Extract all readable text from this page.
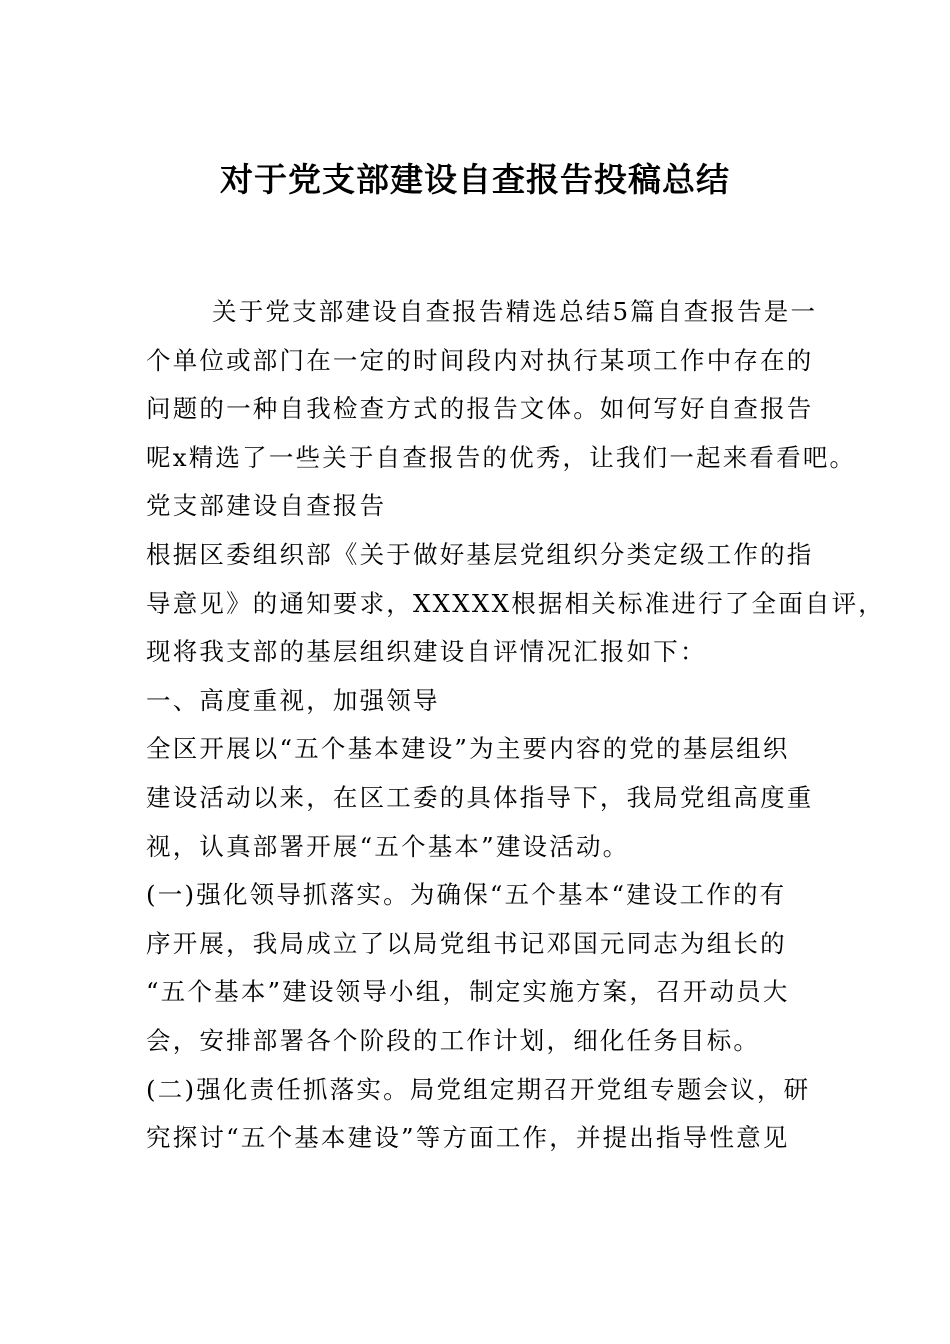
对于党支部建设自查报告投稿总结
关于党支部建设自查报告精选总结5篇自查报告是一
个单位或部门在一定的时间段内对执行某项工作中存在的
问题的一种自我检查方式的报告文体。如何写好自查报告
呢x精选了一些关于自查报告的优秀，让我们一起来看看吧。
党支部建设自查报告
根据区委组织部《关于做好基层党组织分类定级工作的指
导意见》的通知要求，XXXXX根据相关标准进行了全面自评，
现将我支部的基层组织建设自评情况汇报如下：
一、高度重视，加强领导
全区开展以“五个基本建设”为主要内容的党的基层组织
建设活动以来，在区工委的具体指导下，我局党组高度重
视，认真部署开展“五个基本”建设活动。
(一)强化领导抓落实。为确保“五个基本“建设工作的有
序开展，我局成立了以局党组书记邓国元同志为组长的
“五个基本”建设领导小组，制定实施方案，召开动员大
会，安排部署各个阶段的工作计划，细化任务目标。
(二)强化责任抓落实。局党组定期召开党组专题会议，研
究探讨“五个基本建设”等方面工作，并提出指导性意见
